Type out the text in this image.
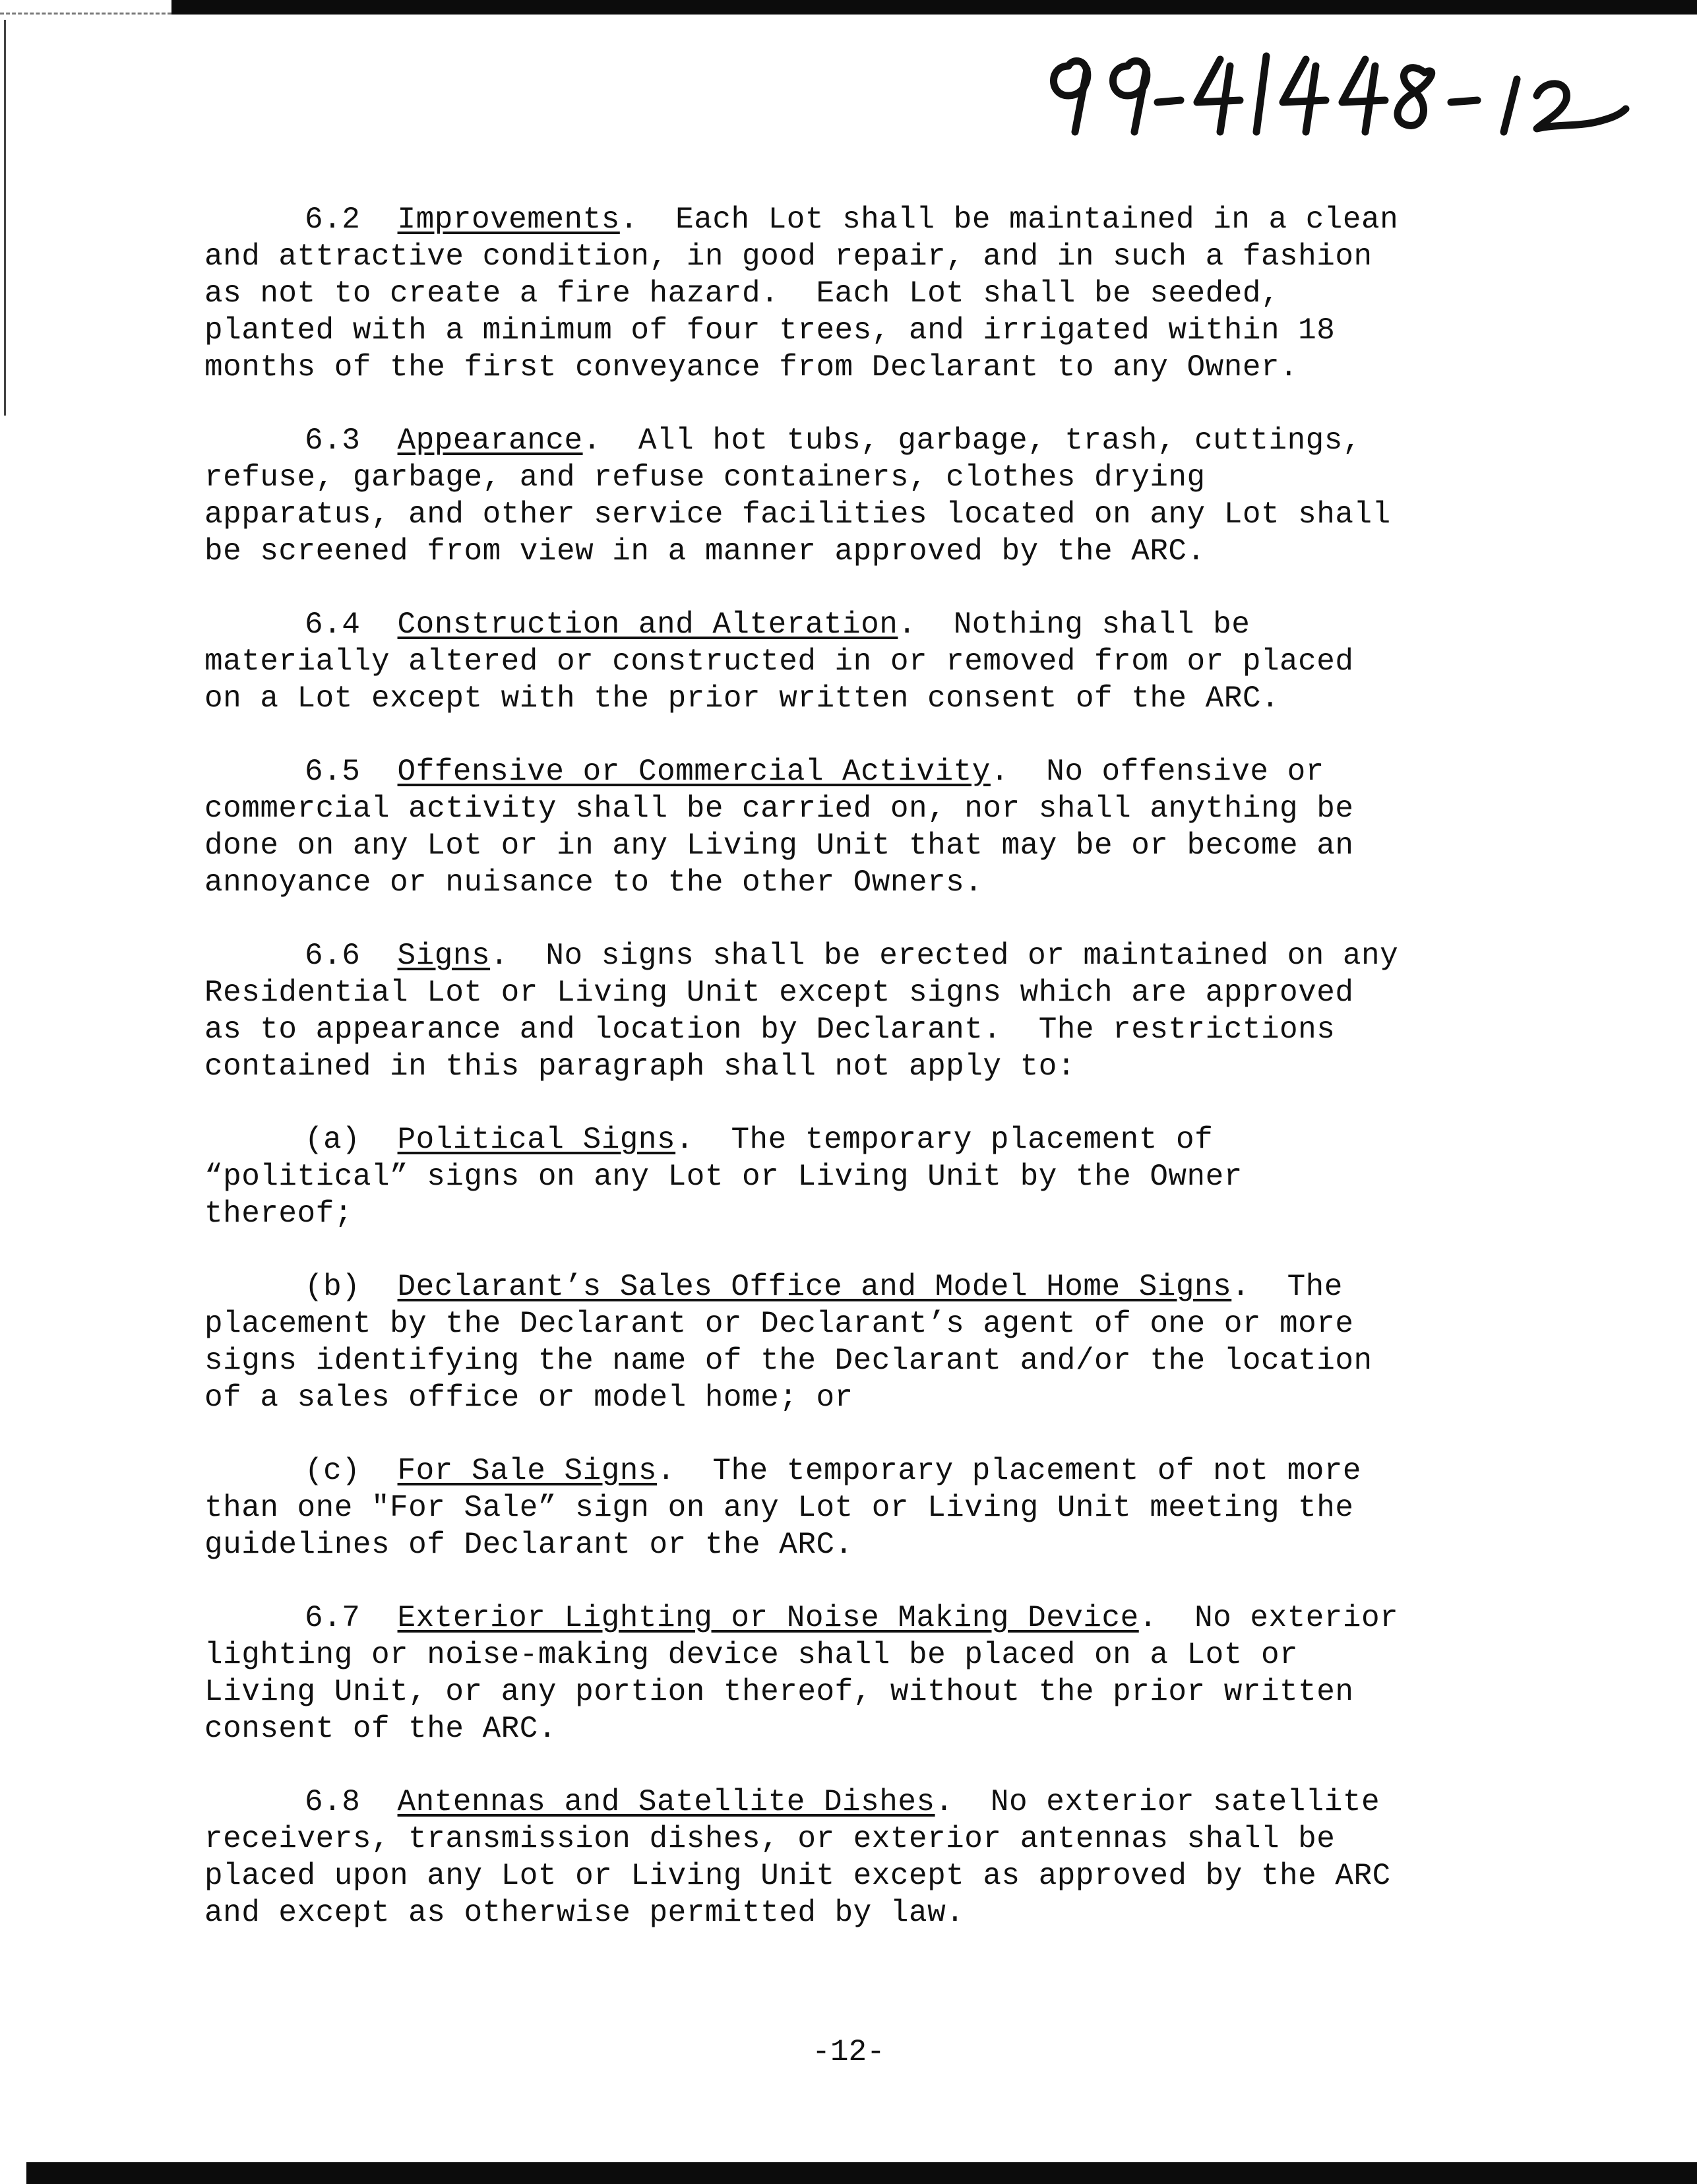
6.2 Improvements.  Each Lot shall be maintained in a clean
and attractive condition, in good repair, and in such a fashion
as not to create a fire hazard.  Each Lot shall be seeded,
planted with a minimum of four trees, and irrigated within 18
months of the first conveyance from Declarant to any Owner.
6.3 Appearance.  All hot tubs, garbage, trash, cuttings,
refuse, garbage, and refuse containers, clothes drying
apparatus, and other service facilities located on any Lot shall
be screened from view in a manner approved by the ARC.
6.4 Construction and Alteration.  Nothing shall be
materially altered or constructed in or removed from or placed
on a Lot except with the prior written consent of the ARC.
6.5 Offensive or Commercial Activity.  No offensive or
commercial activity shall be carried on, nor shall anything be
done on any Lot or in any Living Unit that may be or become an
annoyance or nuisance to the other Owners.
6.6 Signs.  No signs shall be erected or maintained on any
Residential Lot or Living Unit except signs which are approved
as to appearance and location by Declarant.  The restrictions
contained in this paragraph shall not apply to:
(a) Political Signs.  The temporary placement of
“political” signs on any Lot or Living Unit by the Owner
thereof;
(b) Declarant’s Sales Office and Model Home Signs.  The
placement by the Declarant or Declarant’s agent of one or more
signs identifying the name of the Declarant and/or the location
of a sales office or model home; or
(c) For Sale Signs.  The temporary placement of not more
than one "For Sale” sign on any Lot or Living Unit meeting the
guidelines of Declarant or the ARC.
6.7 Exterior Lighting or Noise Making Device.  No exterior
lighting or noise-making device shall be placed on a Lot or
Living Unit, or any portion thereof, without the prior written
consent of the ARC.
6.8 Antennas and Satellite Dishes.  No exterior satellite
receivers, transmission dishes, or exterior antennas shall be
placed upon any Lot or Living Unit except as approved by the ARC
and except as otherwise permitted by law.
-12-
